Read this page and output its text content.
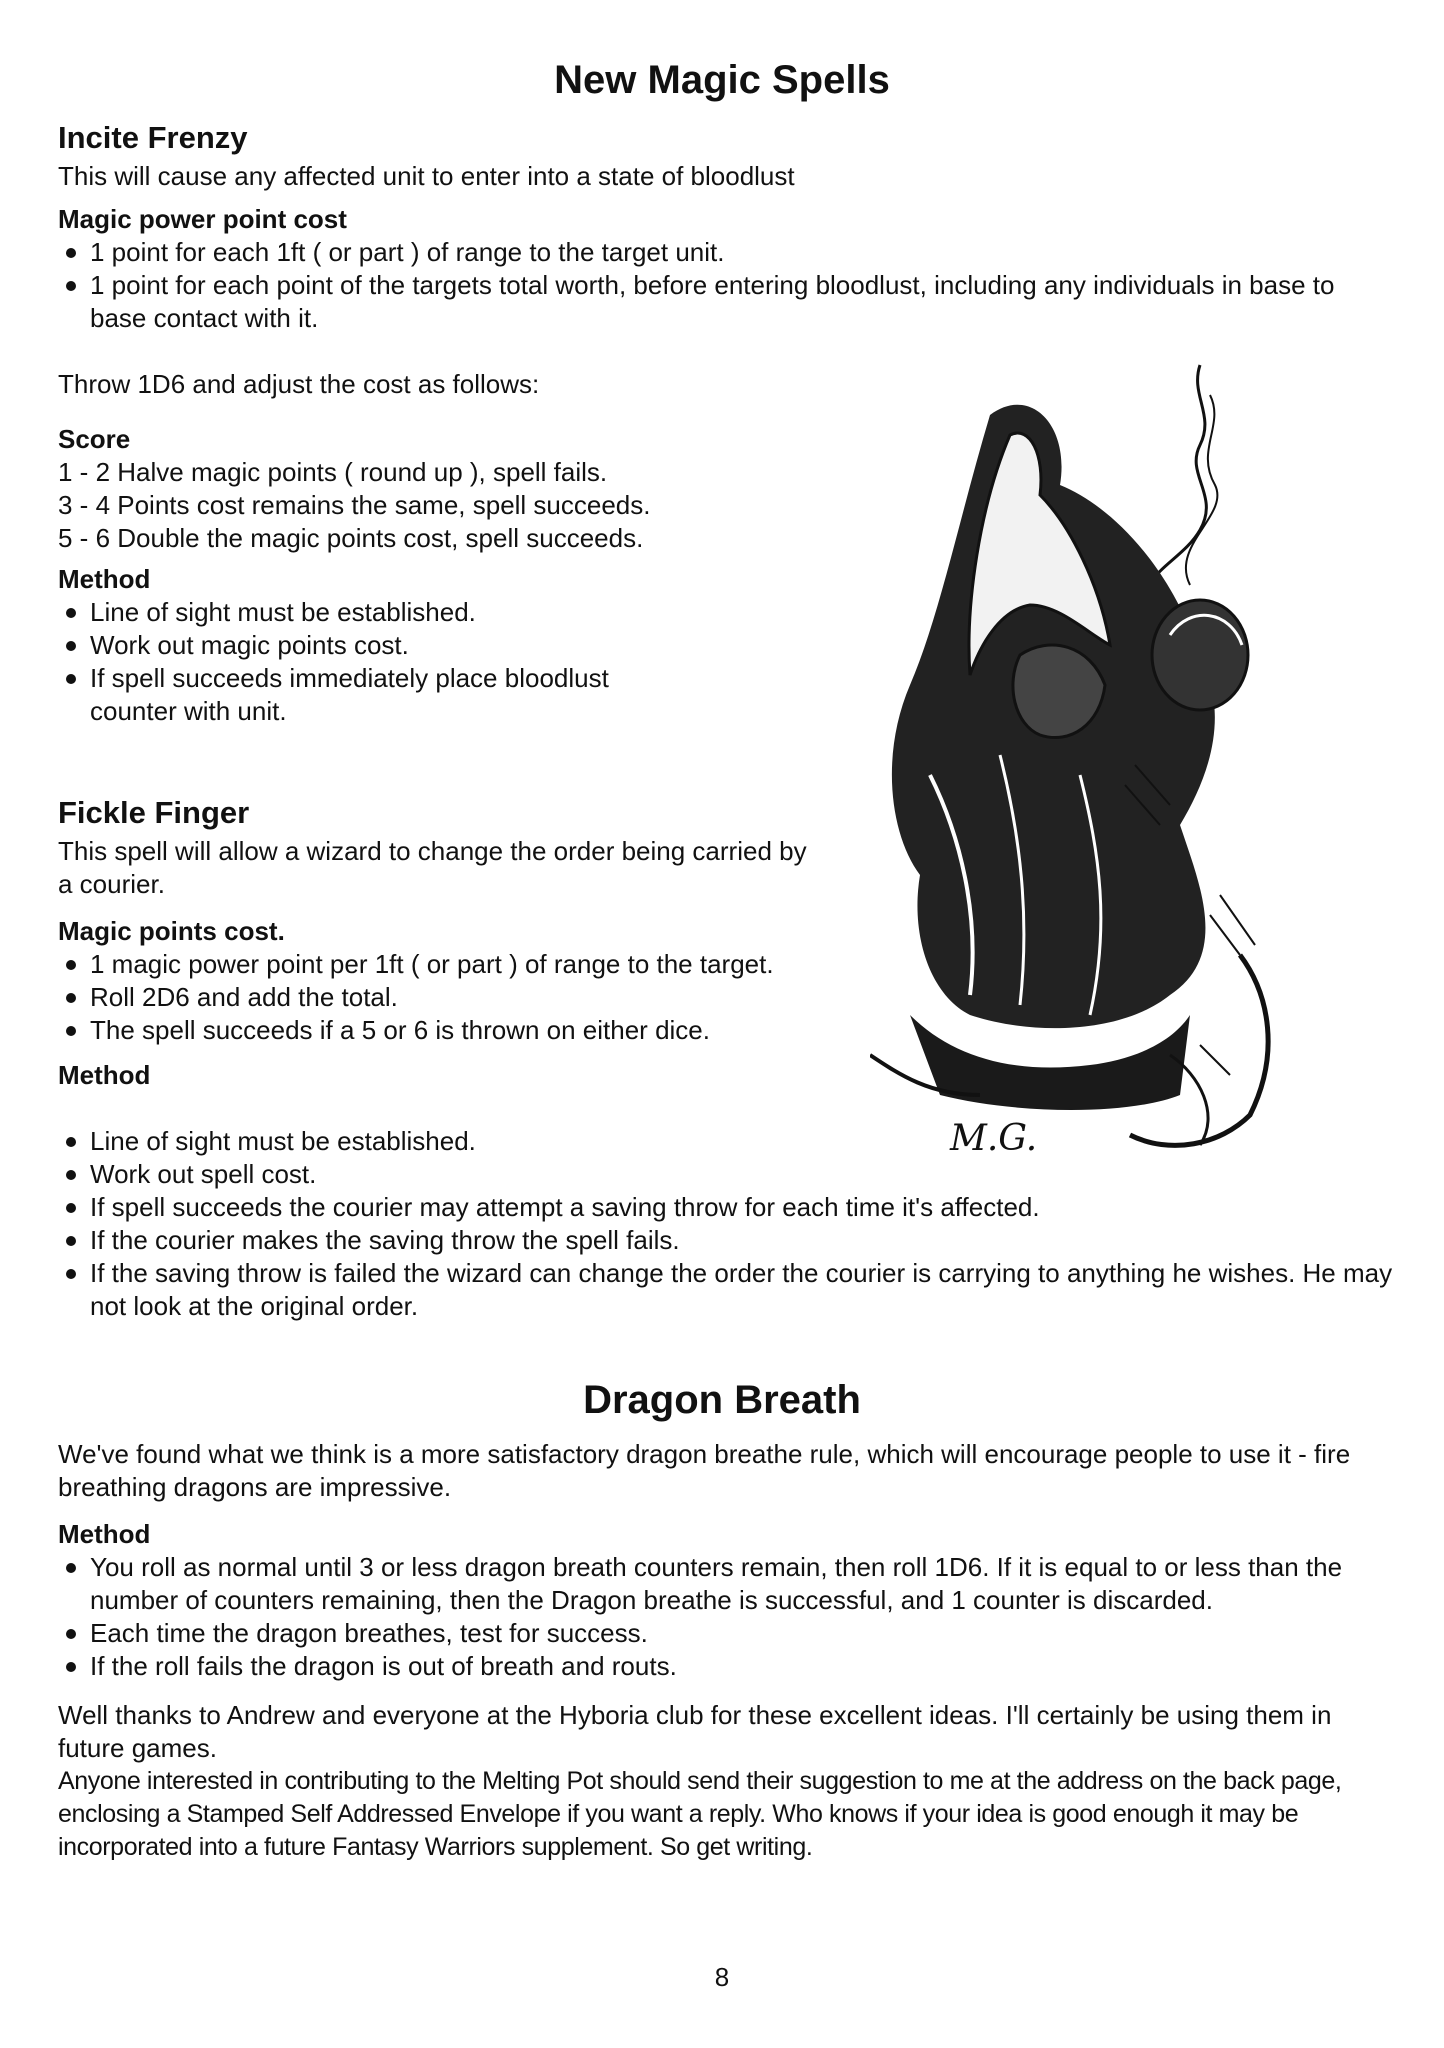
New Magic Spells
Incite Frenzy

This will cause any affected unit to enter into a state of bloodlust

Magic power point cost
1 point for each 1ft ( or part ) of range to the target unit.
1 point for each point of the targets total worth, before entering bloodlust, including any individuals in base to base contact with it.

Throw 1D6 and adjust the cost as follows:

Score
1 - 2 Halve magic points ( round up ), spell fails.
3 - 4 Points cost remains the same, spell succeeds.
5 - 6 Double the magic points cost, spell succeeds.
Method
Line of sight must be established.
Work out magic points cost.
If spell succeeds immediately place bloodlust counter with unit.
Fickle Finger

This spell will allow a wizard to change the order being carried by a courier.

Magic points cost.
1 magic power point per 1ft ( or part ) of range to the target.
Roll 2D6 and add the total.
The spell succeeds if a 5 or 6 is thrown on either dice.
Method
Line of sight must be established.
Work out spell cost.
If spell succeeds the courier may attempt a saving throw for each time it's affected.
If the courier makes the saving throw the spell fails.
If the saving throw is failed the wizard can change the order the courier is carrying to anything he wishes. He may not look at the original order.
Dragon Breath

We've found what we think is a more satisfactory dragon breathe rule, which will encourage people to use it - fire breathing dragons are impressive.

Method
You roll as normal until 3 or less dragon breath counters remain, then roll 1D6. If it is equal to or less than the number of counters remaining, then the Dragon breathe is successful, and 1 counter is discarded.
Each time the dragon breathes, test for success.
If the roll fails the dragon is out of breath and routs.

Well thanks to Andrew and everyone at the Hyboria club for these excellent ideas. I'll certainly be using them in future games.

Anyone interested in contributing to the Melting Pot should send their suggestion to me at the address on the back page, enclosing a Stamped Self Addressed Envelope if you want a reply. Who knows if your idea is good enough it may be incorporated into a future Fantasy Warriors supplement. So get writing.

M.G.
8
